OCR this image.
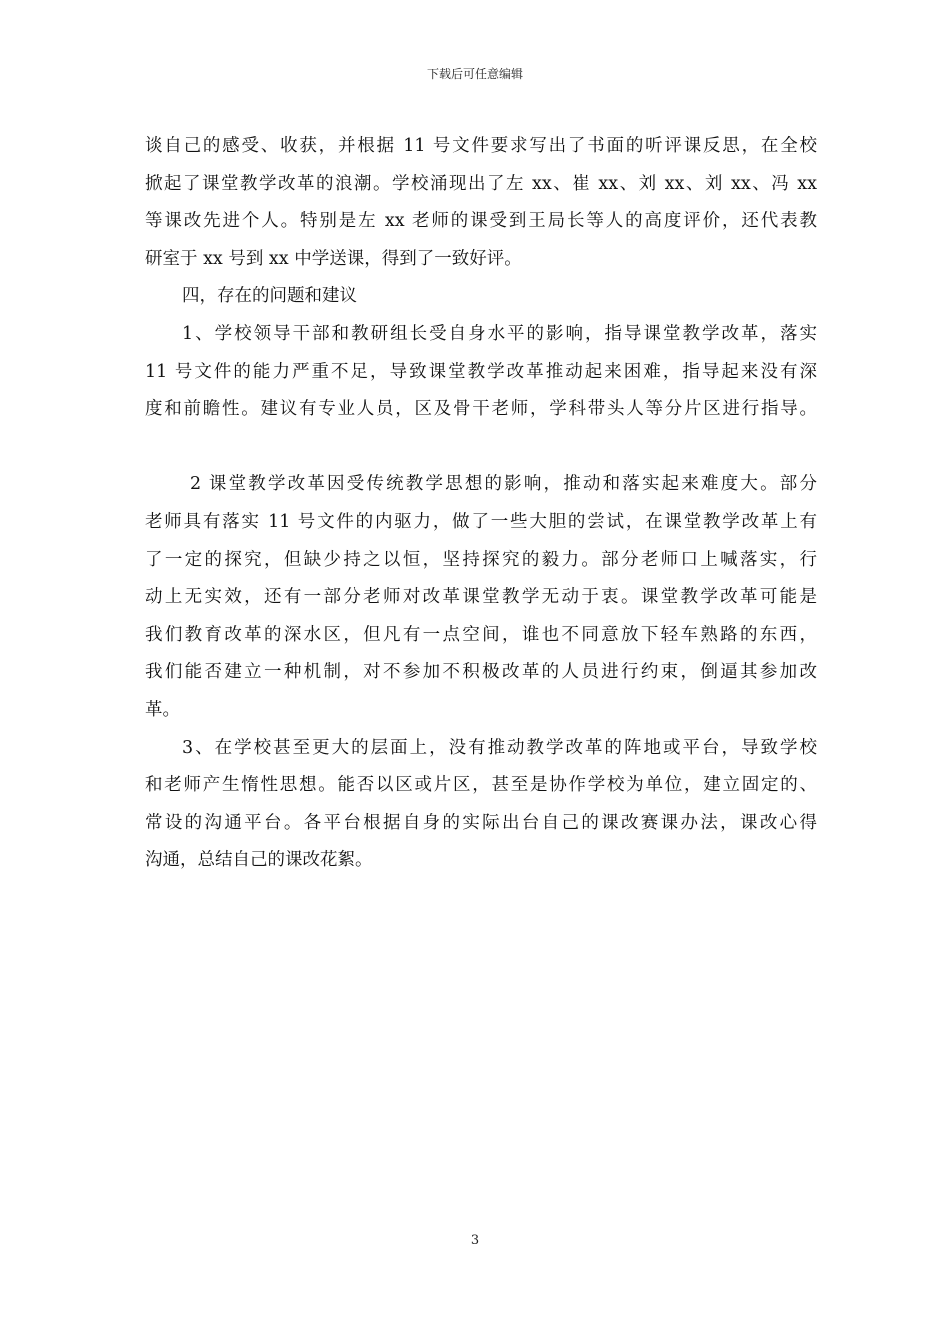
下载后可任意编辑
谈自己的感受、收获，并根据 11 号文件要求写出了书面的听评课反思，在全校
掀起了课堂教学改革的浪潮。学校涌现出了左 xx、崔 xx、刘 xx、刘 xx、冯 xx
等课改先进个人。特别是左 xx 老师的课受到王局长等人的高度评价，还代表教
研室于 xx 号到 xx 中学送课，得到了一致好评。
四，存在的问题和建议
1、学校领导干部和教研组长受自身水平的影响，指导课堂教学改革，落实
11 号文件的能力严重不足，导致课堂教学改革推动起来困难，指导起来没有深
度和前瞻性。建议有专业人员，区及骨干老师，学科带头人等分片区进行指导。
2 课堂教学改革因受传统教学思想的影响，推动和落实起来难度大。部分
老师具有落实 11 号文件的内驱力，做了一些大胆的尝试，在课堂教学改革上有
了一定的探究，但缺少持之以恒，坚持探究的毅力。部分老师口上喊落实，行
动上无实效，还有一部分老师对改革课堂教学无动于衷。课堂教学改革可能是
我们教育改革的深水区，但凡有一点空间，谁也不同意放下轻车熟路的东西，
我们能否建立一种机制，对不参加不积极改革的人员进行约束，倒逼其参加改
革。
3、在学校甚至更大的层面上，没有推动教学改革的阵地或平台，导致学校
和老师产生惰性思想。能否以区或片区，甚至是协作学校为单位，建立固定的、
常设的沟通平台。各平台根据自身的实际出台自己的课改赛课办法，课改心得
沟通，总结自己的课改花絮。
3
